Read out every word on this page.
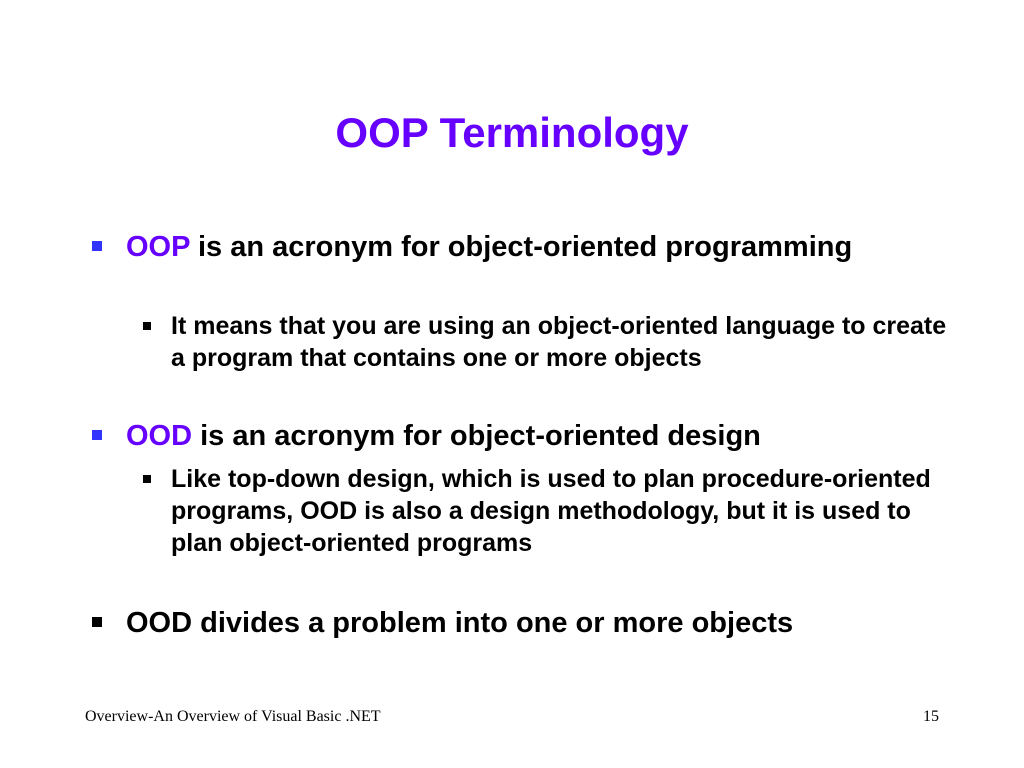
OOP Terminology
OOP is an acronym for object-oriented programming
It means that you are using an object-oriented language to create a program that contains one or more objects
OOD is an acronym for object-oriented design
Like top-down design, which is used to plan procedure-oriented programs, OOD is also a design methodology, but it is used to plan object-oriented programs
OOD divides a problem into one or more objects
Overview-An Overview of Visual Basic .NET	15
